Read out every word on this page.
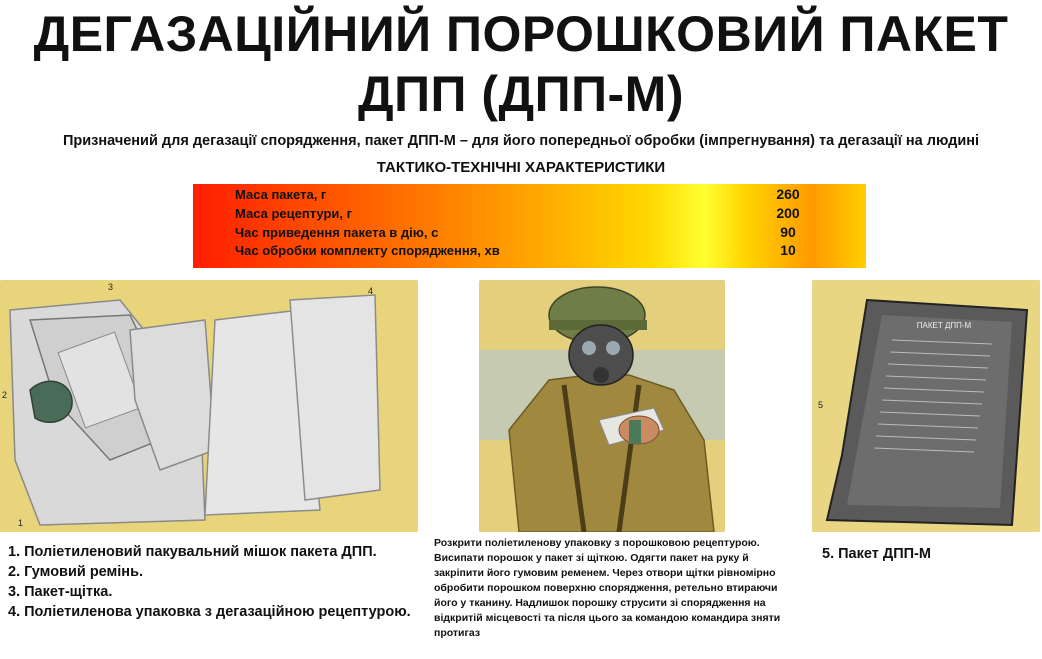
ДЕГАЗАЦІЙНИЙ ПОРОШКОВИЙ ПАКЕТ
ДПП (ДПП-М)
Призначений для дегазації спорядження, пакет ДПП-М – для його попередньої обробки (імпрегнування) та дегазації на людині
ТАКТИКО-ТЕХНІЧНІ ХАРАКТЕРИСТИКИ
Маса пакета, г	260
Маса рецептури, г	200
Час приведення пакета в дію, с	90
Час обробки комплекту спорядження, хв	10
1
2
3	4
ПАКЕТ ДПП-М
5
1. Поліетиленовий пакувальний мішок пакета ДПП.
2. Гумовий ремінь.
3. Пакет-щітка.
4. Поліетиленова упаковка з дегазаційною рецептурою.
Розкрити поліетиленову упаковку з порошковою рецептурою. Висипати порошок у пакет зі щіткою. Одягти пакет на руку й закріпити його гумовим ременем. Через отвори щітки рівномірно обробити порошком поверхню спорядження, ретельно втираючи його у тканину. Надлишок порошку струсити зі спорядження на відкритій місцевості та після цього за командою командира зняти протигаз
5. Пакет ДПП-М
